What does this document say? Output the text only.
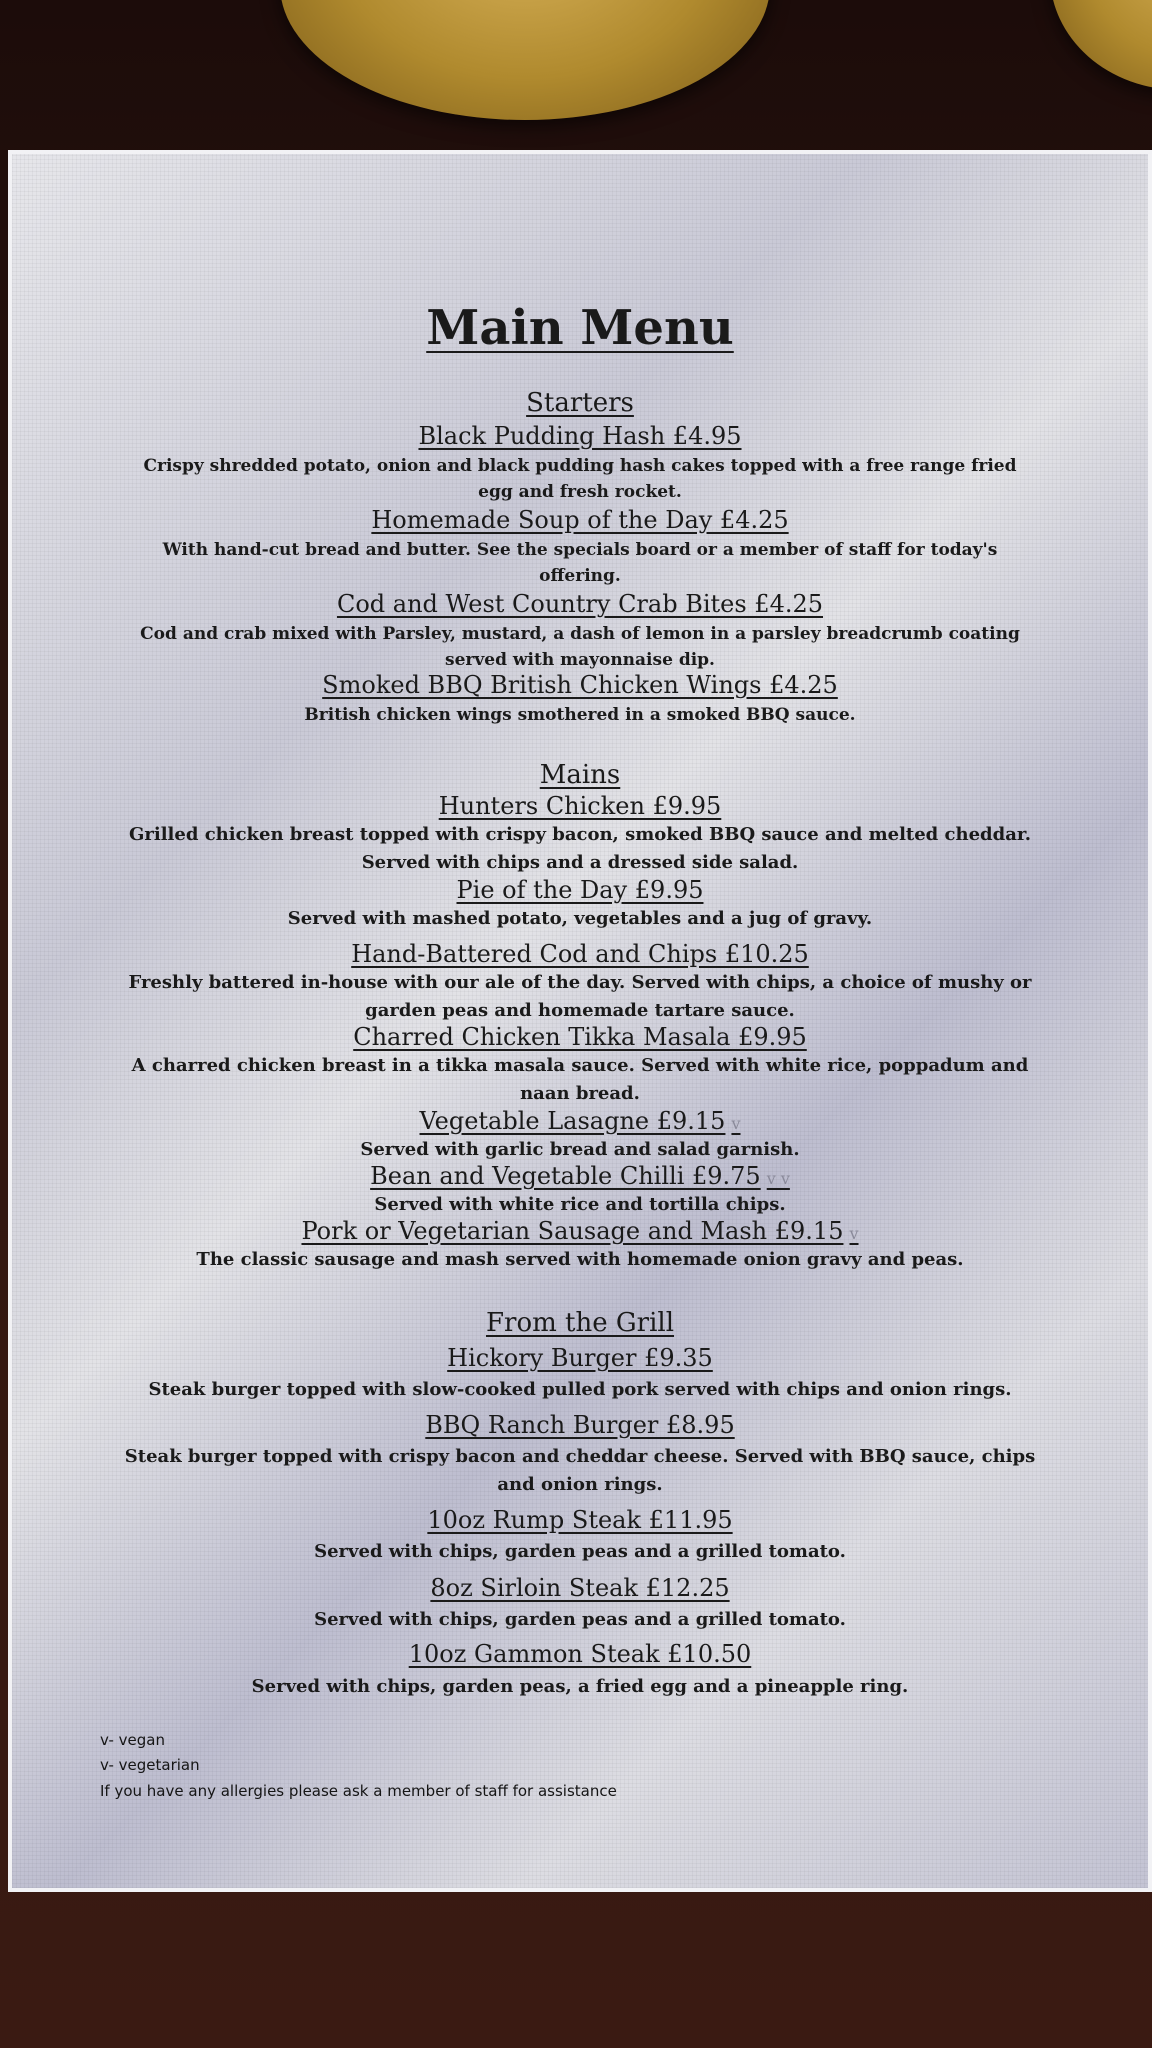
Main Menu
Starters
Black Pudding Hash £4.95
Crispy shredded potato, onion and black pudding hash cakes topped with a free range fried egg and fresh rocket.
Homemade Soup of the Day £4.25
With hand-cut bread and butter. See the specials board or a member of staff for today's offering.
Cod and West Country Crab Bites £4.25
Cod and crab mixed with Parsley, mustard, a dash of lemon in a parsley breadcrumb coating served with mayonnaise dip.
Smoked BBQ British Chicken Wings £4.25
British chicken wings smothered in a smoked BBQ sauce.
Mains
Hunters Chicken £9.95
Grilled chicken breast topped with crispy bacon, smoked BBQ sauce and melted cheddar. Served with chips and a dressed side salad.
Pie of the Day £9.95
Served with mashed potato, vegetables and a jug of gravy.
Hand-Battered Cod and Chips £10.25
Freshly battered in-house with our ale of the day. Served with chips, a choice of mushy or garden peas and homemade tartare sauce.
Charred Chicken Tikka Masala £9.95
A charred chicken breast in a tikka masala sauce. Served with white rice, poppadum and naan bread.
Vegetable Lasagne £9.15 v
Served with garlic bread and salad garnish.
Bean and Vegetable Chilli £9.75 v v
Served with white rice and tortilla chips.
Pork or Vegetarian Sausage and Mash £9.15 v
The classic sausage and mash served with homemade onion gravy and peas.
From the Grill
Hickory Burger £9.35
Steak burger topped with slow-cooked pulled pork served with chips and onion rings.
BBQ Ranch Burger £8.95
Steak burger topped with crispy bacon and cheddar cheese. Served with BBQ sauce, chips and onion rings.
10oz Rump Steak £11.95
Served with chips, garden peas and a grilled tomato.
8oz Sirloin Steak £12.25
Served with chips, garden peas and a grilled tomato.
10oz Gammon Steak £10.50
Served with chips, garden peas, a fried egg and a pineapple ring.
v- vegan
v- vegetarian
If you have any allergies please ask a member of staff for assistance
